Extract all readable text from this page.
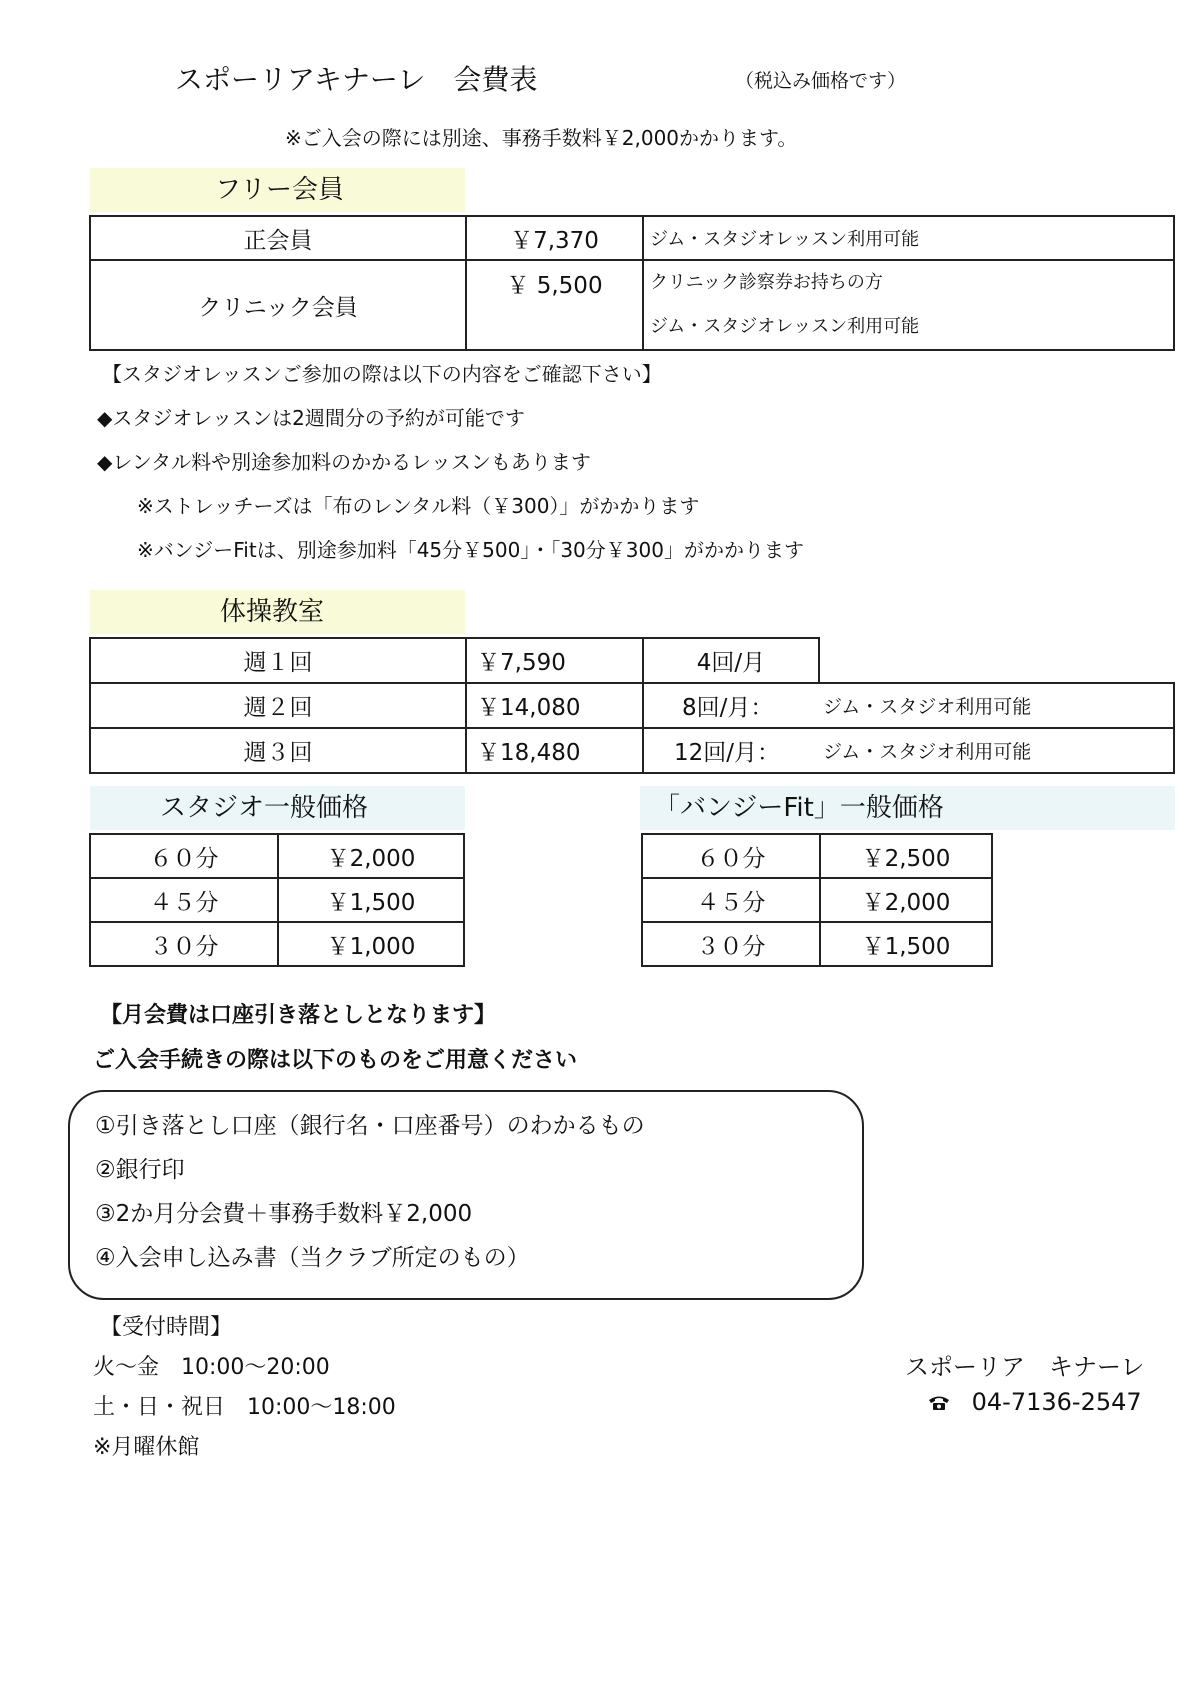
スポーリアキナーレ　会費表	（税込み価格です）
※ご入会の際には別途、事務手数料￥2,000かかります。
フリー会員
正会員	￥7,370	ジム・スタジオレッスン利用可能
クリニック会員	￥ 5,500	クリニック診察券お持ちの方
ジム・スタジオレッスン利用可能
【スタジオレッスンご参加の際は以下の内容をご確認下さい】
◆スタジオレッスンは2週間分の予約が可能です
◆レンタル料や別途参加料のかかるレッスンもあります
※ストレッチーズは「布のレンタル料（￥300）」がかかります
※バンジーFitは、別途参加料「45分￥500」・「30分￥300」がかかります
体操教室
週１回	￥7,590	4回/月	
週２回	￥14,080	8回/月：	ジム・スタジオ利用可能
週３回	￥18,480	12回/月：	ジム・スタジオ利用可能
スタジオ一般価格
６０分	￥2,000
４５分	￥1,500
３０分	￥1,000
「バンジーFit」一般価格
６０分	￥2,500
４５分	￥2,000
３０分	￥1,500
【月会費は口座引き落としとなります】
ご入会手続きの際は以下のものをご用意ください
①引き落とし口座（銀行名・口座番号）のわかるもの
②銀行印
③2か月分会費＋事務手数料￥2,000
④入会申し込み書（当クラブ所定のもの）
【受付時間】
火～金　10:00～20:00
土・日・祝日　10:00～18:00
※月曜休館
スポーリア　キナーレ
04-7136-2547
